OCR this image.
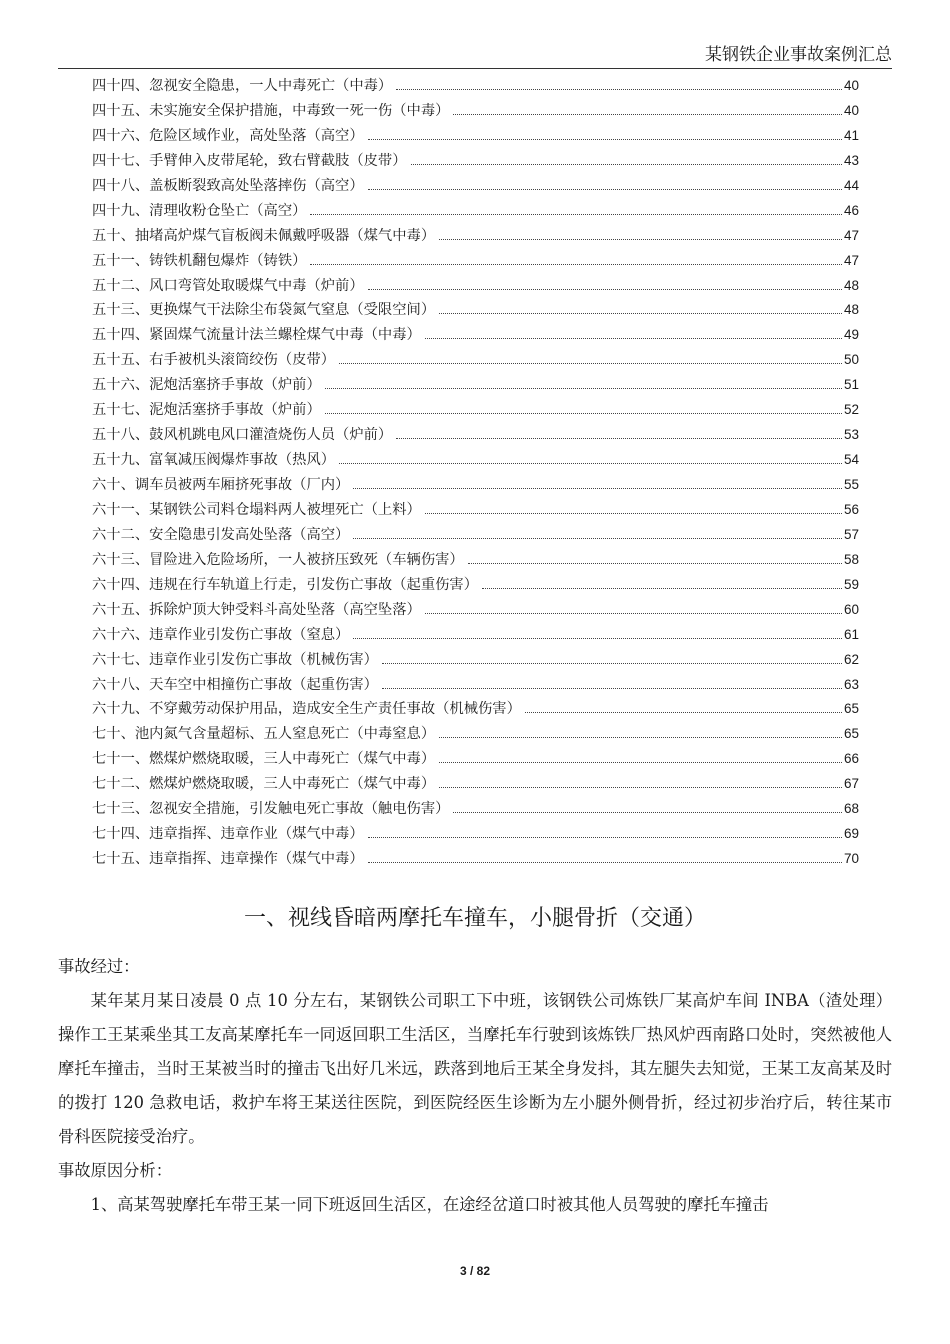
某钢铁企业事故案例汇总
四十四、忽视安全隐患，一人中毒死亡（中毒）	40
四十五、未实施安全保护措施，中毒致一死一伤（中毒）	40
四十六、危险区域作业，高处坠落（高空）	41
四十七、手臂伸入皮带尾轮，致右臂截肢（皮带）	43
四十八、盖板断裂致高处坠落摔伤（高空）	44
四十九、清理收粉仓坠亡（高空）	46
五十、抽堵高炉煤气盲板阀未佩戴呼吸器（煤气中毒）	47
五十一、铸铁机翻包爆炸（铸铁）	47
五十二、风口弯管处取暖煤气中毒（炉前）	48
五十三、更换煤气干法除尘布袋氮气窒息（受限空间）	48
五十四、紧固煤气流量计法兰螺栓煤气中毒（中毒）	49
五十五、右手被机头滚筒绞伤（皮带）	50
五十六、泥炮活塞挤手事故（炉前）	51
五十七、泥炮活塞挤手事故（炉前）	52
五十八、鼓风机跳电风口灌渣烧伤人员（炉前）	53
五十九、富氧减压阀爆炸事故（热风）	54
六十、调车员被两车厢挤死事故（厂内）	55
六十一、某钢铁公司料仓塌料两人被埋死亡（上料）	56
六十二、安全隐患引发高处坠落（高空）	57
六十三、冒险进入危险场所，一人被挤压致死（车辆伤害）	58
六十四、违规在行车轨道上行走，引发伤亡事故（起重伤害）	59
六十五、拆除炉顶大钟受料斗高处坠落（高空坠落）	60
六十六、违章作业引发伤亡事故（窒息）	61
六十七、违章作业引发伤亡事故（机械伤害）	62
六十八、天车空中相撞伤亡事故（起重伤害）	63
六十九、不穿戴劳动保护用品，造成安全生产责任事故（机械伤害）	65
七十、池内氮气含量超标、五人窒息死亡（中毒窒息）	65
七十一、燃煤炉燃烧取暖，三人中毒死亡（煤气中毒）	66
七十二、燃煤炉燃烧取暖，三人中毒死亡（煤气中毒）	67
七十三、忽视安全措施，引发触电死亡事故（触电伤害）	68
七十四、违章指挥、违章作业（煤气中毒）	69
七十五、违章指挥、违章操作（煤气中毒）	70
一、视线昏暗两摩托车撞车，小腿骨折（交通）

事故经过：

某年某月某日凌晨 0 点 10 分左右，某钢铁公司职工下中班，该钢铁公司炼铁厂某高炉车间 INBA（渣处理）操作工王某乘坐其工友高某摩托车一同返回职工生活区，当摩托车行驶到该炼铁厂热风炉西南路口处时，突然被他人摩托车撞击，当时王某被当时的撞击飞出好几米远，跌落到地后王某全身发抖，其左腿失去知觉，王某工友高某及时的拨打 120 急救电话，救护车将王某送往医院，到医院经医生诊断为左小腿外侧骨折，经过初步治疗后，转往某市骨科医院接受治疗。

事故原因分析：

1、高某驾驶摩托车带王某一同下班返回生活区，在途经岔道口时被其他人员驾驶的摩托车撞击

3 / 82
